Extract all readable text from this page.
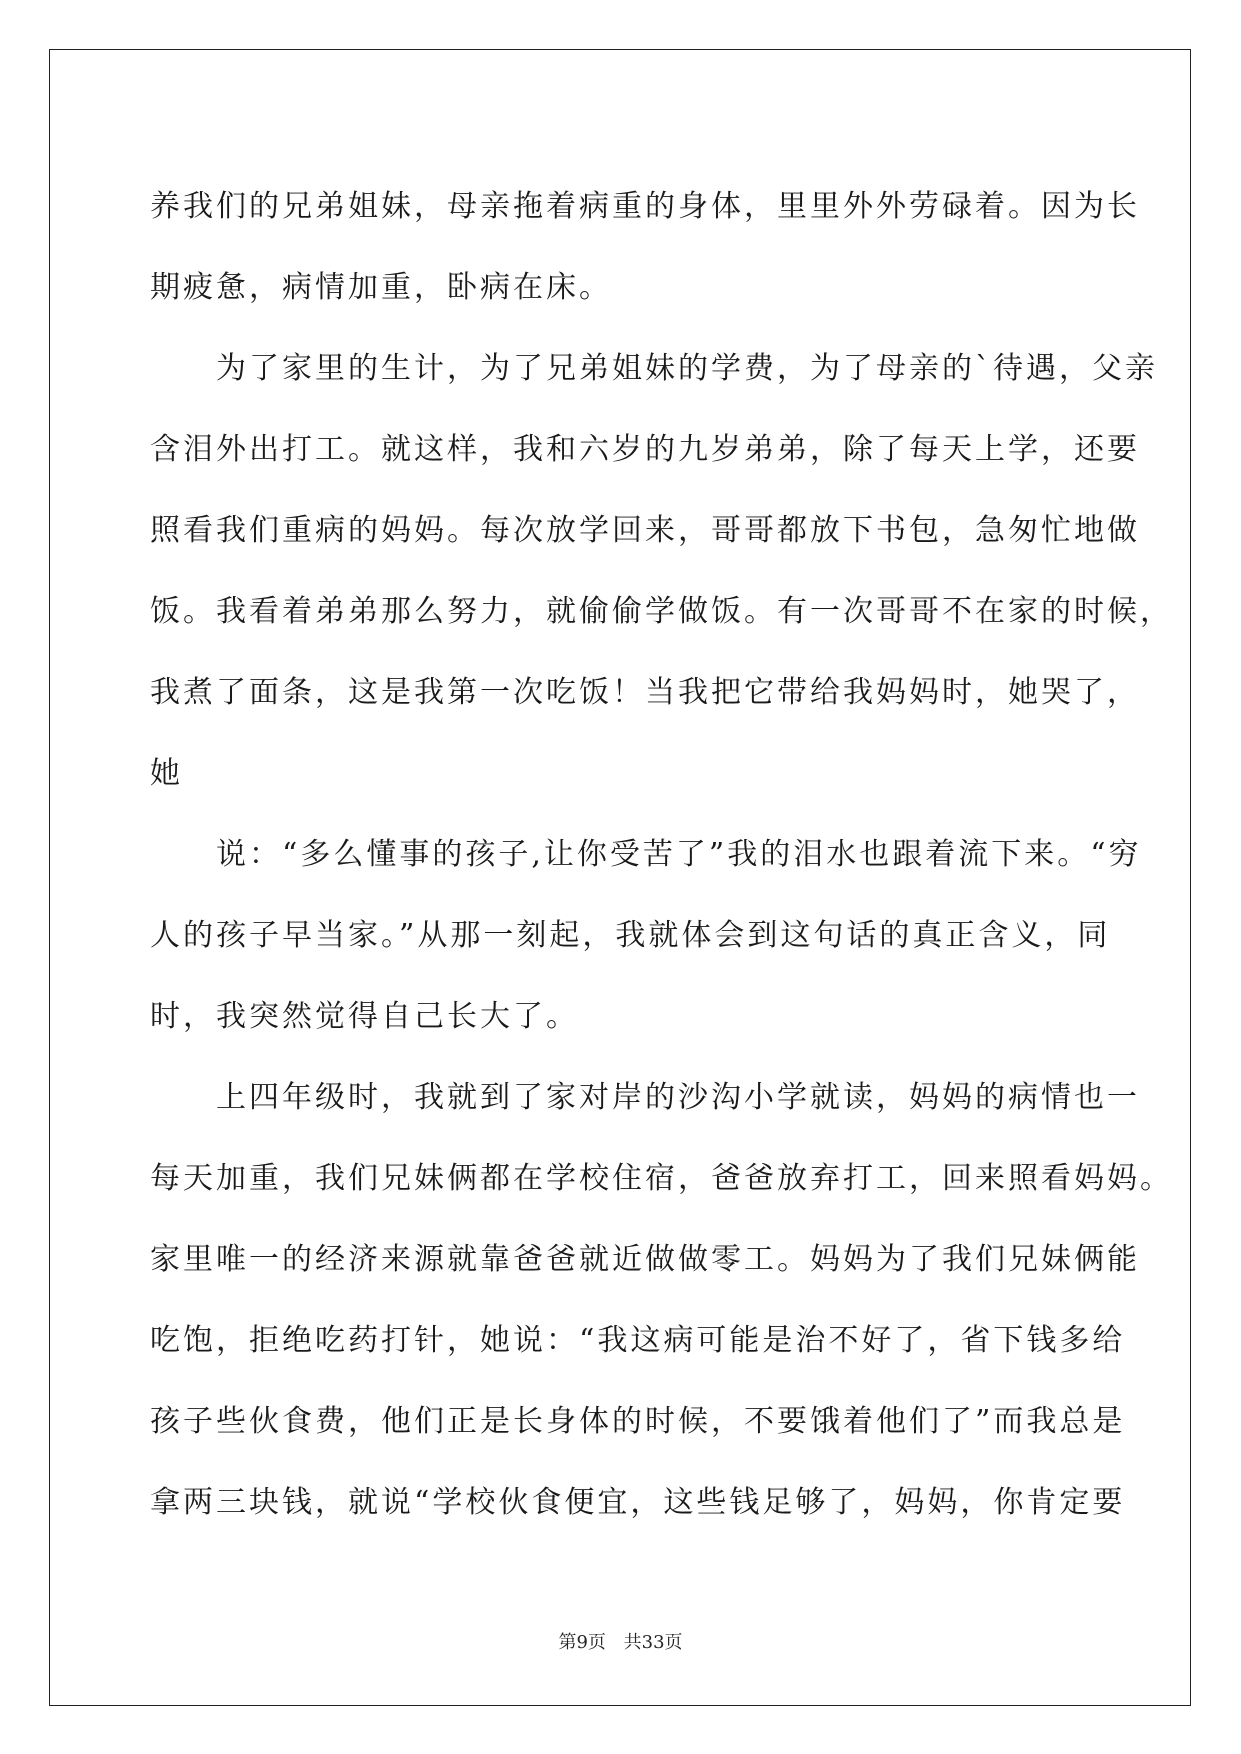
养我们的兄弟姐妹，母亲拖着病重的身体，里里外外劳碌着。因为长
期疲惫，病情加重，卧病在床。
　　为了家里的生计，为了兄弟姐妹的学费，为了母亲的`待遇，父亲
含泪外出打工。就这样，我和六岁的九岁弟弟，除了每天上学，还要
照看我们重病的妈妈。每次放学回来，哥哥都放下书包，急匆忙地做
饭。我看着弟弟那么努力，就偷偷学做饭。有一次哥哥不在家的时候，
我煮了面条，这是我第一次吃饭！当我把它带给我妈妈时，她哭了，
她
　　说：“多么懂事的孩子,让你受苦了”我的泪水也跟着流下来。“穷
人的孩子早当家。”从那一刻起，我就体会到这句话的真正含义，同
时，我突然觉得自己长大了。
　　上四年级时，我就到了家对岸的沙沟小学就读，妈妈的病情也一
每天加重，我们兄妹俩都在学校住宿，爸爸放弃打工，回来照看妈妈。
家里唯一的经济来源就靠爸爸就近做做零工。妈妈为了我们兄妹俩能
吃饱，拒绝吃药打针，她说：“我这病可能是治不好了，省下钱多给
孩子些伙食费，他们正是长身体的时候，不要饿着他们了”而我总是
拿两三块钱，就说“学校伙食便宜，这些钱足够了，妈妈，你肯定要
第9页 共33页
